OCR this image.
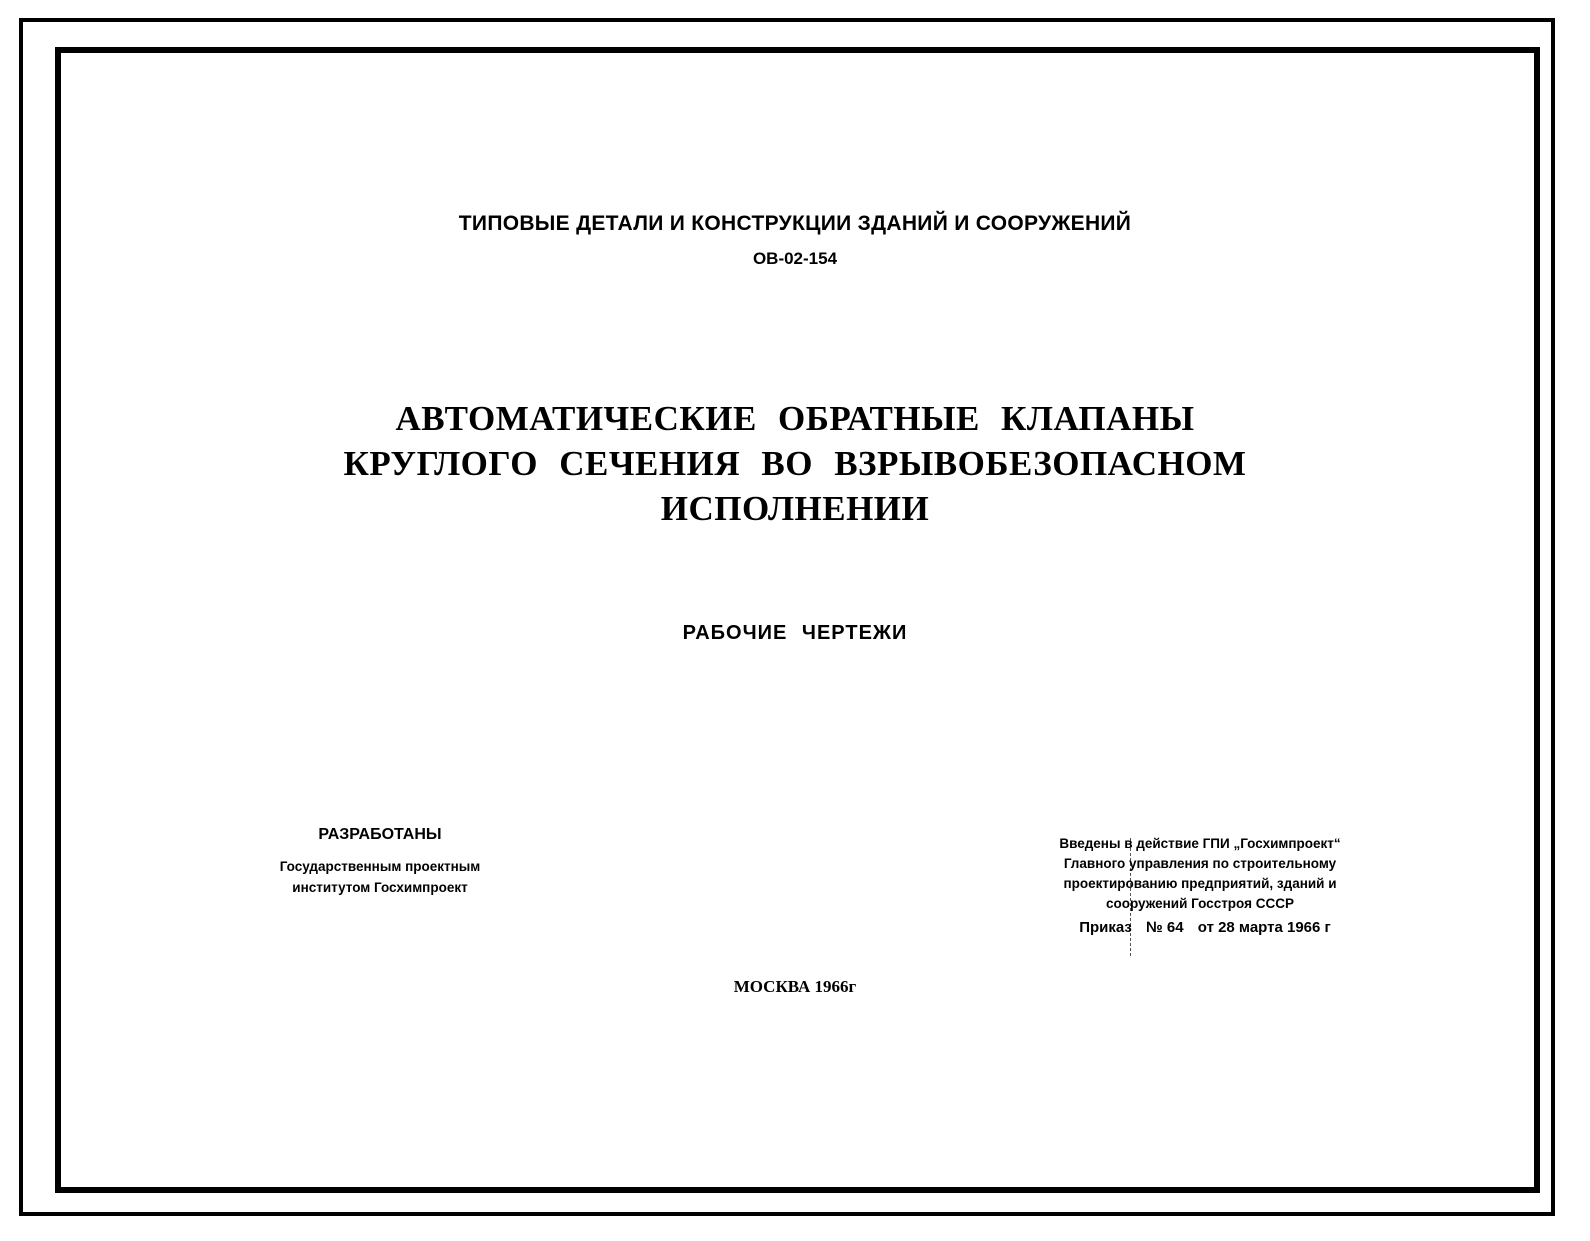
ТИПОВЫЕ ДЕТАЛИ И КОНСТРУКЦИИ ЗДАНИЙ И СООРУЖЕНИЙ
ОВ-02-154
АВТОМАТИЧЕСКИЕ ОБРАТНЫЕ КЛАПАНЫ
КРУГЛОГО СЕЧЕНИЯ ВО ВЗРЫВОБЕЗОПАСНОМ
ИСПОЛНЕНИИ
РАБОЧИЕ ЧЕРТЕЖИ
РАЗРАБОТАНЫ
Государственным проектным
институтом Госхимпроект
Введены в действие ГПИ „Госхимпроект“
Главного управления по строительному
проектированию предприятий, зданий и
сооружений Госстроя СССР
Приказ № 64 от 28 марта 1966 г
МОСКВА 1966г
